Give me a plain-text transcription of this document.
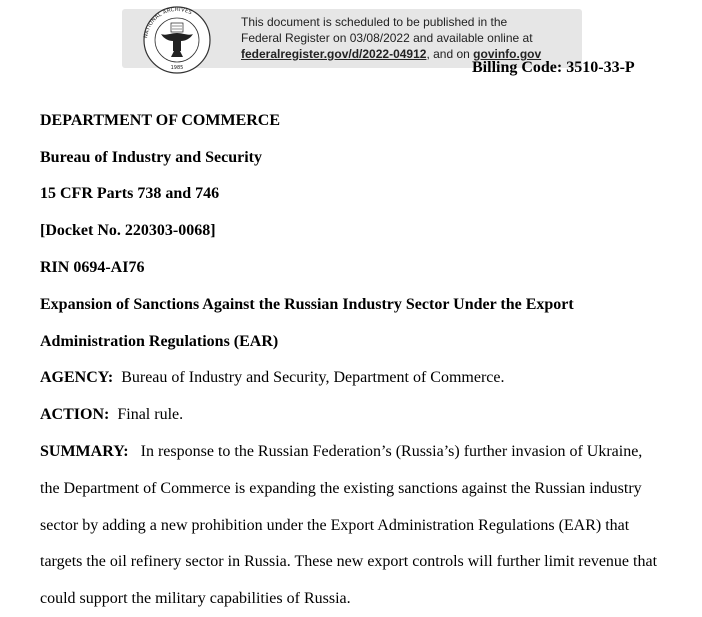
NATIONAL ARCHIVES
1985
This document is scheduled to be published in the
Federal Register on 03/08/2022 and available online at
federalregister.gov/d/2022-04912, and on govinfo.gov
Billing Code: 3510-33-P
DEPARTMENT OF COMMERCE
Bureau of Industry and Security
15 CFR Parts 738 and 746
[Docket No. 220303-0068]
RIN 0694-AI76
Expansion of Sanctions Against the Russian Industry Sector Under the Export
Administration Regulations (EAR)
AGENCY: Bureau of Industry and Security, Department of Commerce.
ACTION: Final rule.
SUMMARY: In response to the Russian Federation’s (Russia’s) further invasion of Ukraine,
the Department of Commerce is expanding the existing sanctions against the Russian industry
sector by adding a new prohibition under the Export Administration Regulations (EAR) that
targets the oil refinery sector in Russia. These new export controls will further limit revenue that
could support the military capabilities of Russia.
